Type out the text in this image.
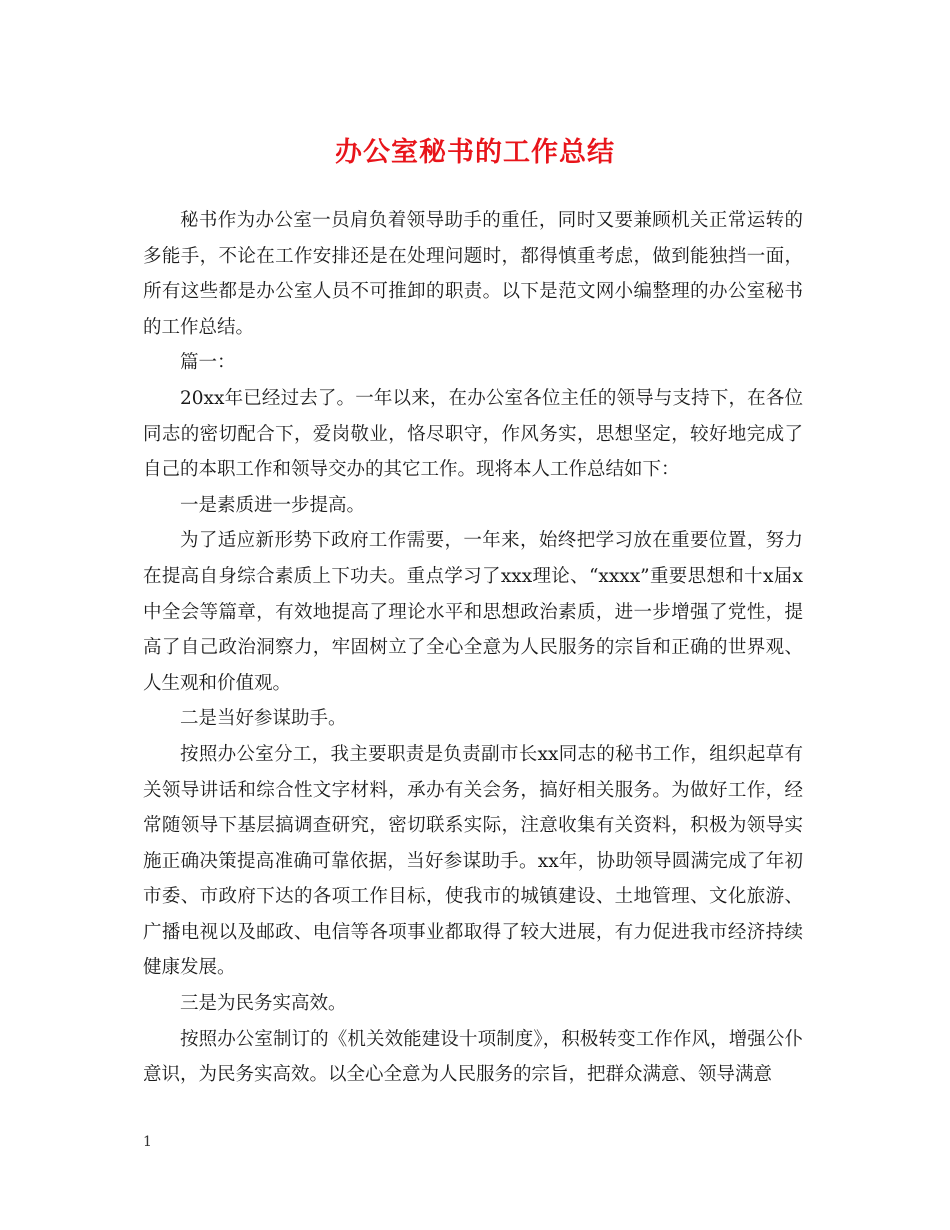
办公室秘书的工作总结

秘书作为办公室一员肩负着领导助手的重任，同时又要兼顾机关正常运转的多能手，不论在工作安排还是在处理问题时，都得慎重考虑，做到能独挡一面，所有这些都是办公室人员不可推卸的职责。以下是范文网小编整理的办公室秘书的工作总结。

篇一：

20xx年已经过去了。一年以来，在办公室各位主任的领导与支持下，在各位同志的密切配合下，爱岗敬业，恪尽职守，作风务实，思想坚定，较好地完成了自己的本职工作和领导交办的其它工作。现将本人工作总结如下：

一是素质进一步提高。

为了适应新形势下政府工作需要，一年来，始终把学习放在重要位置，努力在提高自身综合素质上下功夫。重点学习了xxx理论、“xxxx”重要思想和十x届x中全会等篇章，有效地提高了理论水平和思想政治素质，进一步增强了党性，提高了自己政治洞察力，牢固树立了全心全意为人民服务的宗旨和正确的世界观、人生观和价值观。

二是当好参谋助手。

按照办公室分工，我主要职责是负责副市长xx同志的秘书工作，组织起草有关领导讲话和综合性文字材料，承办有关会务，搞好相关服务。为做好工作，经常随领导下基层搞调查研究，密切联系实际，注意收集有关资料，积极为领导实施正确决策提高准确可靠依据，当好参谋助手。xx年，协助领导圆满完成了年初市委、市政府下达的各项工作目标，使我市的城镇建设、土地管理、文化旅游、广播电视以及邮政、电信等各项事业都取得了较大进展，有力促进我市经济持续健康发展。

三是为民务实高效。

按照办公室制订的《机关效能建设十项制度》，积极转变工作作风，增强公仆意识，为民务实高效。以全心全意为人民服务的宗旨，把群众满意、领导满意

1
